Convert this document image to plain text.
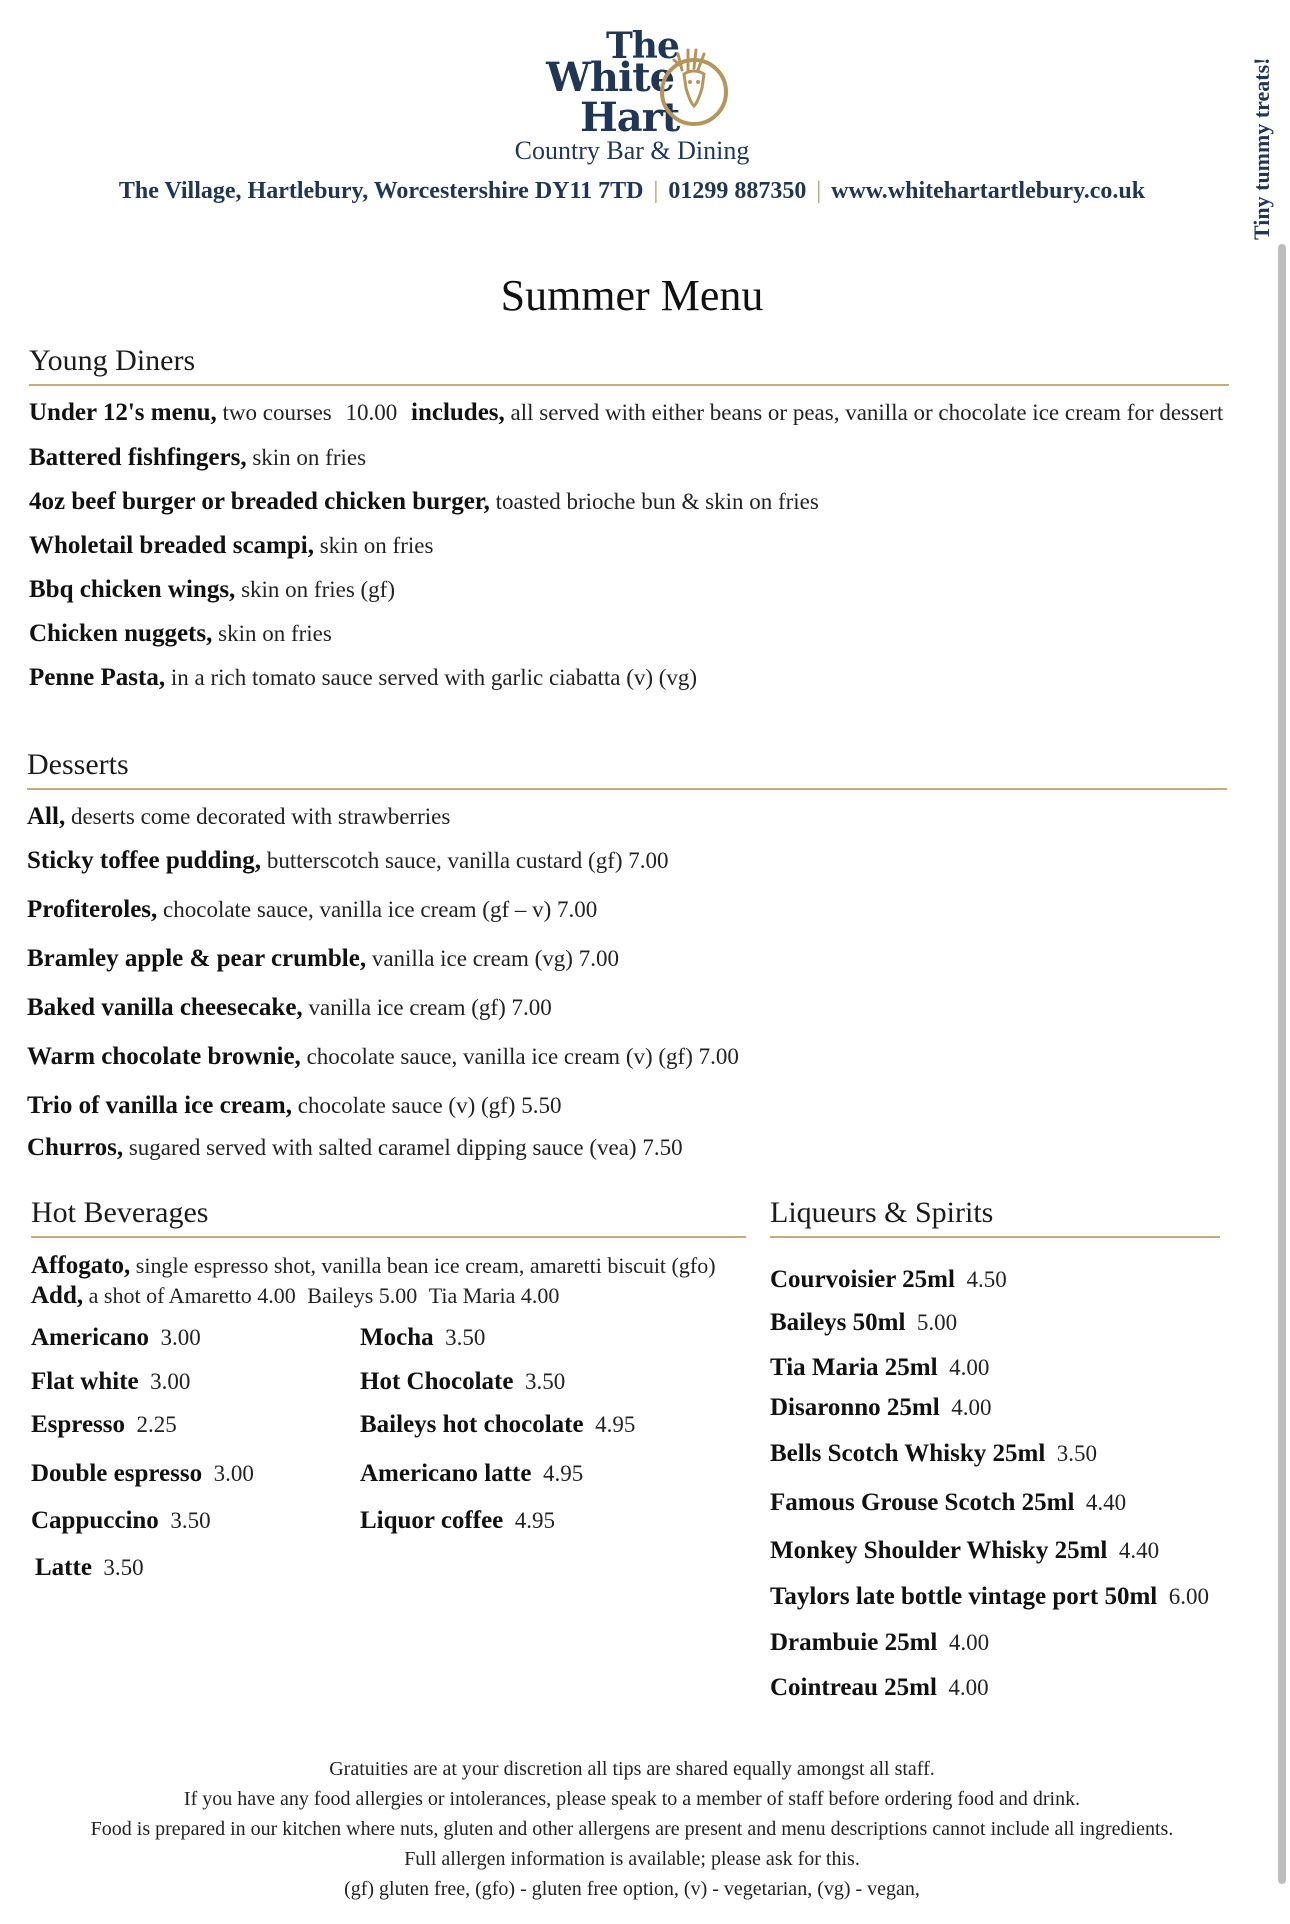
The
White
Hart
Country Bar & Dining
The Village, Hartlebury, Worcestershire DY11 7TD | 01299 887350 | www.whitehartartlebury.co.uk	Tiny tummy treats!
Summer Menu
Young Diners
Under 12's menu, two courses 10.00 includes, all served with either beans or peas, vanilla or chocolate ice cream for dessert
Battered fishfingers, skin on fries
4oz beef burger or breaded chicken burger, toasted brioche bun & skin on fries
Wholetail breaded scampi, skin on fries
Bbq chicken wings, skin on fries (gf)
Chicken nuggets, skin on fries
Penne Pasta, in a rich tomato sauce served with garlic ciabatta (v) (vg)
Desserts
All, deserts come decorated with strawberries
Sticky toffee pudding, butterscotch sauce, vanilla custard (gf) 7.00
Profiteroles, chocolate sauce, vanilla ice cream (gf – v) 7.00
Bramley apple & pear crumble, vanilla ice cream (vg) 7.00
Baked vanilla cheesecake, vanilla ice cream (gf) 7.00
Warm chocolate brownie, chocolate sauce, vanilla ice cream (v) (gf) 7.00
Trio of vanilla ice cream, chocolate sauce (v) (gf) 5.50
Churros, sugared served with salted caramel dipping sauce (vea) 7.50
Hot Beverages
Affogato, single espresso shot, vanilla bean ice cream, amaretti biscuit (gfo)
Add, a shot of Amaretto 4.00 Baileys 5.00 Tia Maria 4.00
Americano 3.00
Flat white 3.00
Espresso 2.25
Double espresso 3.00
Cappuccino 3.50
Latte 3.50
Mocha 3.50
Hot Chocolate 3.50
Baileys hot chocolate 4.95
Americano latte 4.95
Liquor coffee 4.95
Liqueurs & Spirits
Courvoisier 25ml 4.50
Baileys 50ml 5.00
Tia Maria 25ml 4.00
Disaronno 25ml 4.00
Bells Scotch Whisky 25ml 3.50
Famous Grouse Scotch 25ml 4.40
Monkey Shoulder Whisky 25ml 4.40
Taylors late bottle vintage port 50ml 6.00
Drambuie 25ml 4.00
Cointreau 25ml 4.00
Gratuities are at your discretion all tips are shared equally amongst all staff.
If you have any food allergies or intolerances, please speak to a member of staff before ordering food and drink.
Food is prepared in our kitchen where nuts, gluten and other allergens are present and menu descriptions cannot include all ingredients.
Full allergen information is available; please ask for this.
(gf) gluten free, (gfo) - gluten free option, (v) - vegetarian, (vg) - vegan,
